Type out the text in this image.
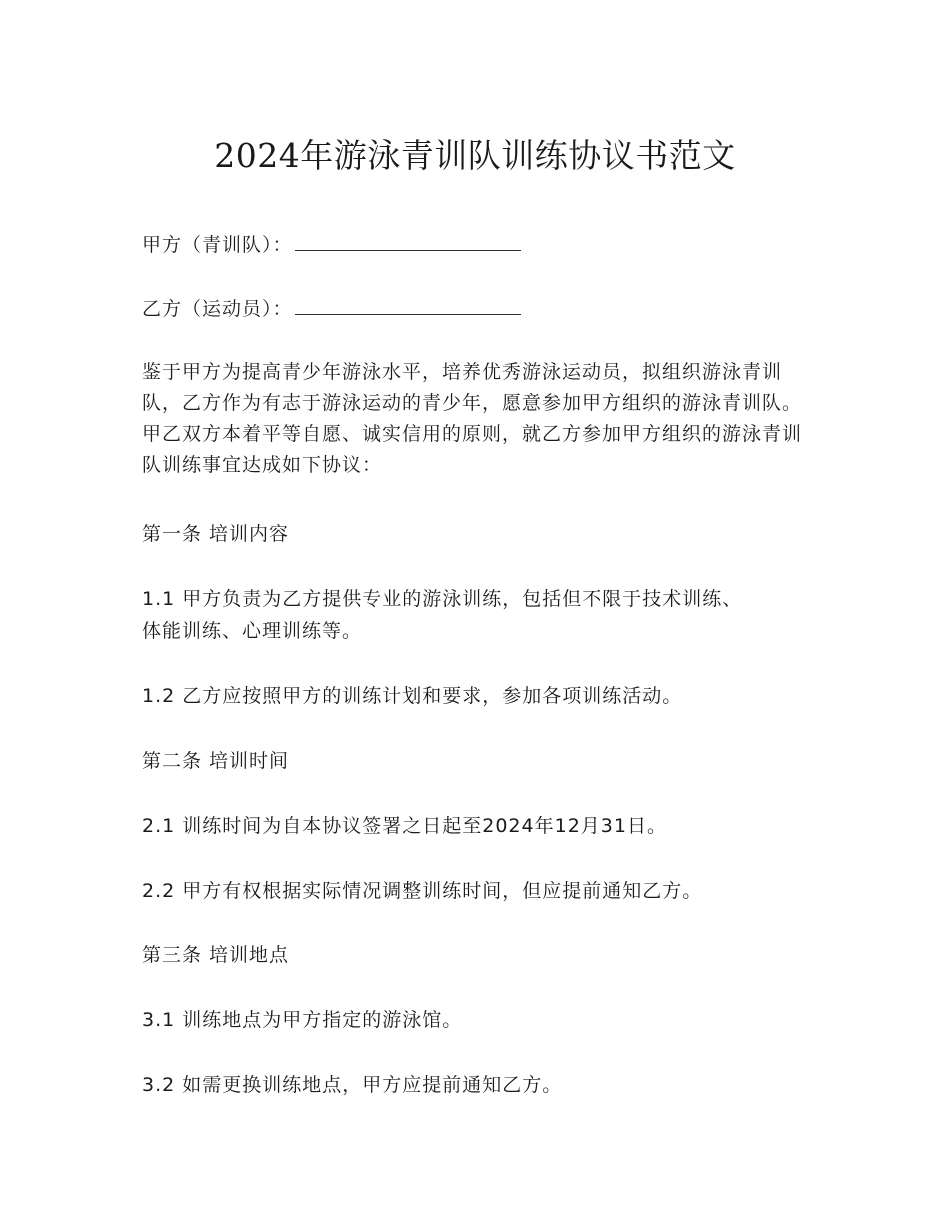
2024年游泳青训队训练协议书范文
甲方（青训队）：
乙方（运动员）：
鉴于甲方为提高青少年游泳水平，培养优秀游泳运动员，拟组织游泳青训队，乙方作为有志于游泳运动的青少年，愿意参加甲方组织的游泳青训队。甲乙双方本着平等自愿、诚实信用的原则，就乙方参加甲方组织的游泳青训队训练事宜达成如下协议：
第一条 培训内容
1.1 甲方负责为乙方提供专业的游泳训练，包括但不限于技术训练、
体能训练、心理训练等。
1.2 乙方应按照甲方的训练计划和要求，参加各项训练活动。
第二条 培训时间
2.1 训练时间为自本协议签署之日起至2024年12月31日。
2.2 甲方有权根据实际情况调整训练时间，但应提前通知乙方。
第三条 培训地点
3.1 训练地点为甲方指定的游泳馆。
3.2 如需更换训练地点，甲方应提前通知乙方。
